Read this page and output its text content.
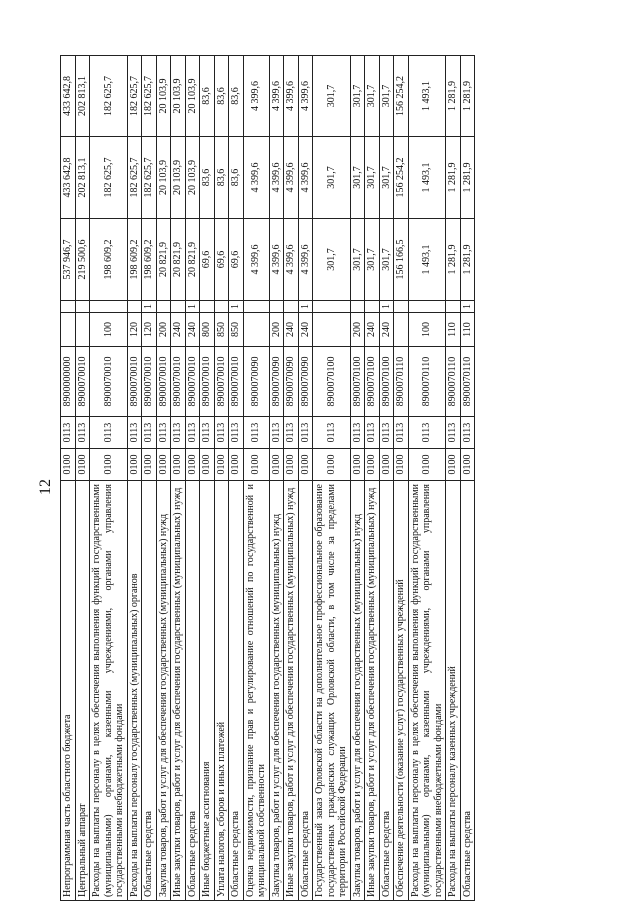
12
Непрограммная часть областного бюджета	0100	0113	8900000000			537 946,7	433 642,8	433 642,8
Центральный аппарат	0100	0113	8900070010			219 500,6	202 813,1	202 813,1
Расходы на выплаты персоналу в целях обеспечения выполнения функций государственными (муниципальными) органами, казенными учреждениями, органами управления государственными внебюджетными фондами	0100	0113	8900070010	100		198 609,2	182 625,7	182 625,7
Расходы на выплаты персоналу государственных (муниципальных) органов	0100	0113	8900070010	120		198 609,2	182 625,7	182 625,7
Областные средства	0100	0113	8900070010	120	1	198 609,2	182 625,7	182 625,7
Закупка товаров, работ и услуг для обеспечения государственных (муниципальных) нужд	0100	0113	8900070010	200		20 821,9	20 103,9	20 103,9
Иные закупки товаров, работ и услуг для обеспечения государственных (муниципальных) нужд	0100	0113	8900070010	240		20 821,9	20 103,9	20 103,9
Областные средства	0100	0113	8900070010	240	1	20 821,9	20 103,9	20 103,9
Иные бюджетные ассигнования	0100	0113	8900070010	800		69,6	83,6	83,6
Уплата налогов, сборов и иных платежей	0100	0113	8900070010	850		69,6	83,6	83,6
Областные средства	0100	0113	8900070010	850	1	69,6	83,6	83,6
Оценка недвижимости, признание прав и регулирование отношений по государственной и муниципальной собственности	0100	0113	8900070090			4 399,6	4 399,6	4 399,6
Закупка товаров, работ и услуг для обеспечения государственных (муниципальных) нужд	0100	0113	8900070090	200		4 399,6	4 399,6	4 399,6
Иные закупки товаров, работ и услуг для обеспечения государственных (муниципальных) нужд	0100	0113	8900070090	240		4 399,6	4 399,6	4 399,6
Областные средства	0100	0113	8900070090	240	1	4 399,6	4 399,6	4 399,6
Государственный заказ Орловской области на дополнительное профессиональное образование государственных гражданских служащих Орловской области, в том числе за пределами территории Российской Федерации	0100	0113	8900070100			301,7	301,7	301,7
Закупка товаров, работ и услуг для обеспечения государственных (муниципальных) нужд	0100	0113	8900070100	200		301,7	301,7	301,7
Иные закупки товаров, работ и услуг для обеспечения государственных (муниципальных) нужд	0100	0113	8900070100	240		301,7	301,7	301,7
Областные средства	0100	0113	8900070100	240	1	301,7	301,7	301,7
Обеспечение деятельности (оказание услуг) государственных учреждений	0100	0113	8900070110			156 166,5	156 254,2	156 254,2
Расходы на выплаты персоналу в целях обеспечения выполнения функций государственными (муниципальными) органами, казенными учреждениями, органами управления государственными внебюджетными фондами	0100	0113	8900070110	100		1 493,1	1 493,1	1 493,1
Расходы на выплаты персоналу казенных учреждений	0100	0113	8900070110	110		1 281,9	1 281,9	1 281,9
Областные средства	0100	0113	8900070110	110	1	1 281,9	1 281,9	1 281,9
